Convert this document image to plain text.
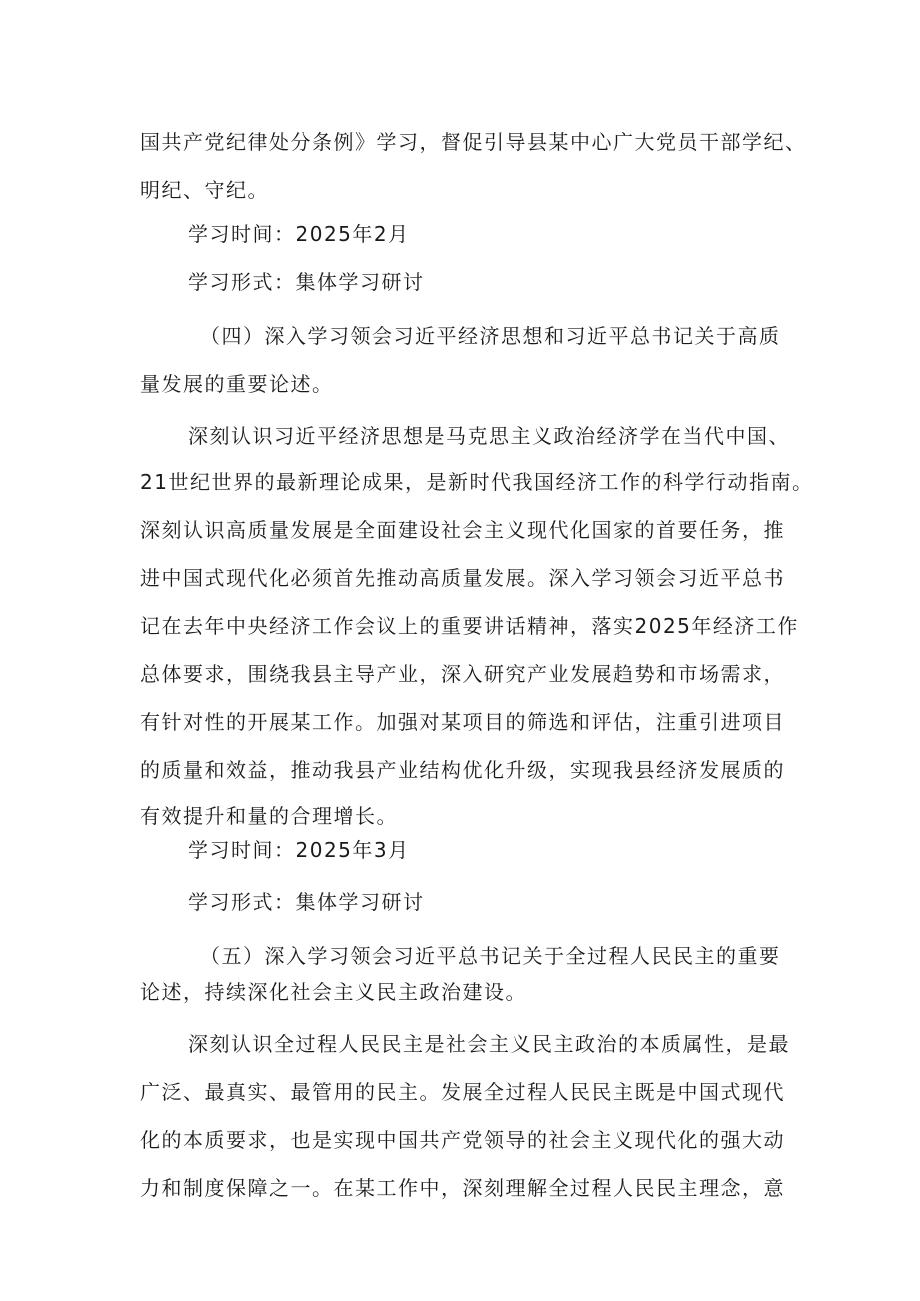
国共产党纪律处分条例》学习，督促引导县某中心广大党员干部学纪、
明纪、守纪。
学习时间：2025年2月
学习形式：集体学习研讨
（四）深入学习领会习近平经济思想和习近平总书记关于高质
量发展的重要论述。
深刻认识习近平经济思想是马克思主义政治经济学在当代中国、
21世纪世界的最新理论成果，是新时代我国经济工作的科学行动指南。
深刻认识高质量发展是全面建设社会主义现代化国家的首要任务，推
进中国式现代化必须首先推动高质量发展。深入学习领会习近平总书
记在去年中央经济工作会议上的重要讲话精神，落实2025年经济工作
总体要求，围绕我县主导产业，深入研究产业发展趋势和市场需求，
有针对性的开展某工作。加强对某项目的筛选和评估，注重引进项目
的质量和效益，推动我县产业结构优化升级，实现我县经济发展质的
有效提升和量的合理增长。
学习时间：2025年3月
学习形式：集体学习研讨
（五）深入学习领会习近平总书记关于全过程人民民主的重要
论述，持续深化社会主义民主政治建设。
深刻认识全过程人民民主是社会主义民主政治的本质属性，是最
广泛、最真实、最管用的民主。发展全过程人民民主既是中国式现代
化的本质要求，也是实现中国共产党领导的社会主义现代化的强大动
力和制度保障之一。在某工作中，深刻理解全过程人民民主理念，意
